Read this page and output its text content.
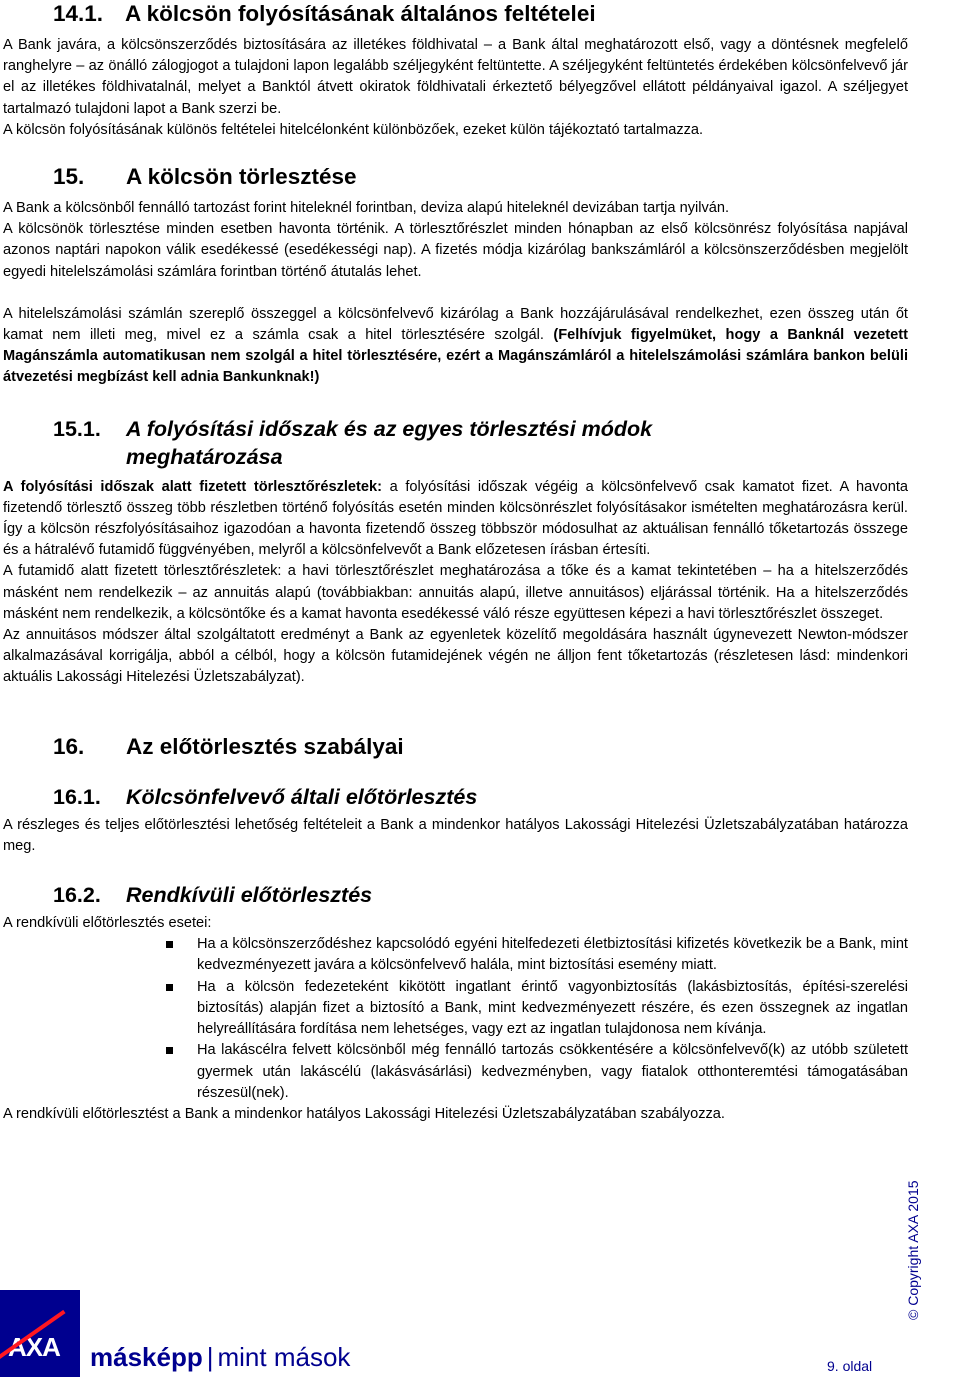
14.1. A kölcsön folyósításának általános feltételei

A Bank javára, a kölcsönszerződés biztosítására az illetékes földhivatal – a Bank által meghatározott első, vagy a döntésnek megfelelő ranghelyre – az önálló zálogjogot a tulajdoni lapon legalább széljegyként feltüntette. A széljegyként feltüntetés érdekében kölcsönfelvevő jár el az illetékes földhivatalnál, melyet a Banktól átvett okiratok földhivatali érkeztető bélyegzővel ellátott példányaival igazol. A széljegyet tartalmazó tulajdoni lapot a Bank szerzi be.

A kölcsön folyósításának különös feltételei hitelcélonként különbözőek, ezeket külön tájékoztató tartalmazza.

15. A kölcsön törlesztése

A Bank a kölcsönből fennálló tartozást forint hiteleknél forintban, deviza alapú hiteleknél devizában tartja nyilván.

A kölcsönök törlesztése minden esetben havonta történik. A törlesztőrészlet minden hónapban az első kölcsönrész folyósítása napjával azonos naptári napokon válik esedékessé (esedékességi nap). A fizetés módja kizárólag bankszámláról a kölcsönszerződésben megjelölt egyedi hitelelszámolási számlára forintban történő átutalás lehet.

A hitelelszámolási számlán szereplő összeggel a kölcsönfelvevő kizárólag a Bank hozzájárulásával rendelkezhet, ezen összeg után őt kamat nem illeti meg, mivel ez a számla csak a hitel törlesztésére szolgál. (Felhívjuk figyelmüket, hogy a Banknál vezetett Magánszámla automatikusan nem szolgál a hitel törlesztésére, ezért a Magánszámláról a hitelelszámolási számlára bankon belüli átvezetési megbízást kell adnia Bankunknak!)

15.1. A folyósítási időszak és az egyes törlesztési módok
meghatározása

A folyósítási időszak alatt fizetett törlesztőrészletek: a folyósítási időszak végéig a kölcsönfelvevő csak kamatot fizet. A havonta fizetendő törlesztő összeg több részletben történő folyósítás esetén minden kölcsönrészlet folyósításakor ismételten meghatározásra kerül. Így a kölcsön részfolyósításaihoz igazodóan a havonta fizetendő összeg többször módosulhat az aktuálisan fennálló tőketartozás összege és a hátralévő futamidő függvényében, melyről a kölcsönfelvevőt a Bank előzetesen írásban értesíti.

A futamidő alatt fizetett törlesztőrészletek: a havi törlesztőrészlet meghatározása a tőke és a kamat tekintetében – ha a hitelszerződés másként nem rendelkezik – az annuitás alapú (továbbiakban: annuitás alapú, illetve annuitásos) eljárással történik. Ha a hitelszerződés másként nem rendelkezik, a kölcsöntőke és a kamat havonta esedékessé váló része együttesen képezi a havi törlesztőrészlet összeget.

Az annuitásos módszer által szolgáltatott eredményt a Bank az egyenletek közelítő megoldására használt úgynevezett Newton-módszer alkalmazásával korrigálja, abból a célból, hogy a kölcsön futamidejének végén ne álljon fent tőketartozás (részletesen lásd: mindenkori aktuális Lakossági Hitelezési Üzletszabályzat).

16. Az előtörlesztés szabályai
16.1. Kölcsönfelvevő általi előtörlesztés

A részleges és teljes előtörlesztési lehetőség feltételeit a Bank a mindenkor hatályos Lakossági Hitelezési Üzletszabályzatában határozza meg.

16.2. Rendkívüli előtörlesztés

A rendkívüli előtörlesztés esetei:

Ha a kölcsönszerződéshez kapcsolódó egyéni hitelfedezeti életbiztosítási kifizetés következik be a Bank, mint kedvezményezett javára a kölcsönfelvevő halála, mint biztosítási esemény miatt.
Ha a kölcsön fedezeteként kikötött ingatlant érintő vagyonbiztosítás (lakásbiztosítás, építési-szerelési biztosítás) alapján fizet a biztosító a Bank, mint kedvezményezett részére, és ezen összegnek az ingatlan helyreállítására fordítása nem lehetséges, vagy ezt az ingatlan tulajdonosa nem kívánja.
Ha lakáscélra felvett kölcsönből még fennálló tartozás csökkentésére a kölcsönfelvevő(k) az utóbb született gyermek után lakáscélú (lakásvásárlási) kedvezményben, vagy fiatalok otthonteremtési támogatásában részesül(nek).

A rendkívüli előtörlesztést a Bank a mindenkor hatályos Lakossági Hitelezési Üzletszabályzatában szabályozza.

AXA másképp | mint mások
© Copyright AXA 2015
9. oldal
